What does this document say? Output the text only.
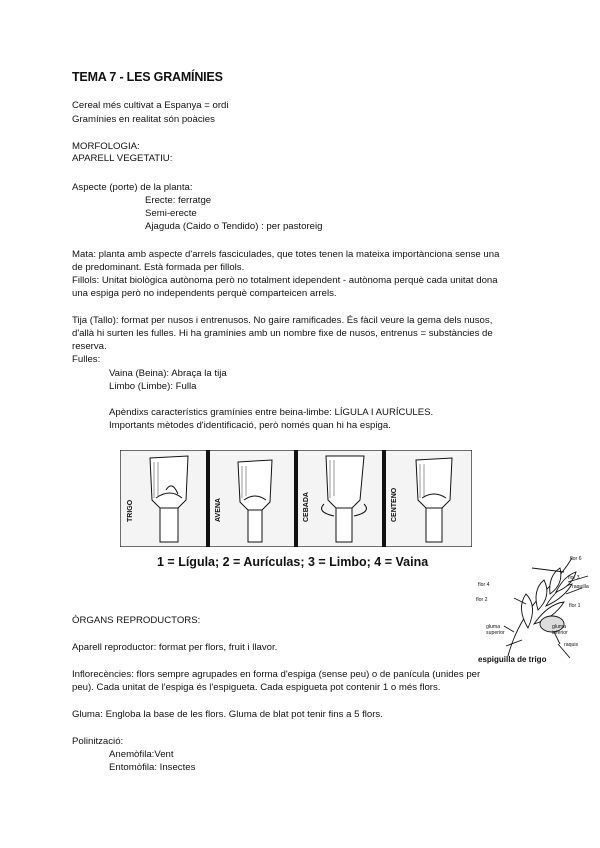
TEMA 7 - LES GRAMÍNIES
Cereal més cultivat a Espanya = ordi
Gramínies en realitat són poàcies
MORFOLOGIA:
APARELL VEGETATIU:
Aspecte (porte) de la planta:
Erecte: ferratge
Semi-erecte
Ajaguda (Caido o Tendido) : per pastoreig
Mata: planta amb aspecte d'arrels fasciculades, que totes tenen la mateixa importànciona sense una
de predominant. Està formada per fillols.
Fillols: Unitat biològica autònoma però no totalment idependent - autònoma perquè cada unitat dona
una espiga però no independents perquè comparteicen arrels.
Tija (Tallo): format per nusos i entrenusos. No gaire ramificades. És fàcil veure la gema dels nusos,
d'allà hi surten les fulles. Hi ha gramínies amb un nombre fixe de nusos, entrenus = substàncies de
reserva.
Fulles:
Vaina (Beina): Abraça la tija
Limbo (Limbe): Fulla
Apèndixs característics gramínies entre beina-limbe: LÍGULA I AURÍCULES.
Importants mètodes d'identificació, però només quan hi ha espiga.
TRIGO	AVENA	CEBADA	CENTENO
1 = Lígula; 2 = Aurículas; 3 = Limbo; 4 = Vaina	flor 6
flor 4
flor 3
raquilla
flor 2
flor 1
gluma
superior
gluma
inferior
raquis
espiguilla de trigo
ÒRGANS REPRODUCTORS:
Aparell reproductor: format per flors, fruit i llavor.
Inflorecències: flors sempre agrupades en forma d'espiga (sense peu) o de panícula (unides per
peu). Cada unitat de l'espiga és l'espigueta. Cada espigueta pot contenir 1 o més flors.
Gluma: Engloba la base de les flors. Gluma de blat pot tenir fins a 5 flors.
Polinització:
Anemòfila:Vent
Entomòfila: Insectes
